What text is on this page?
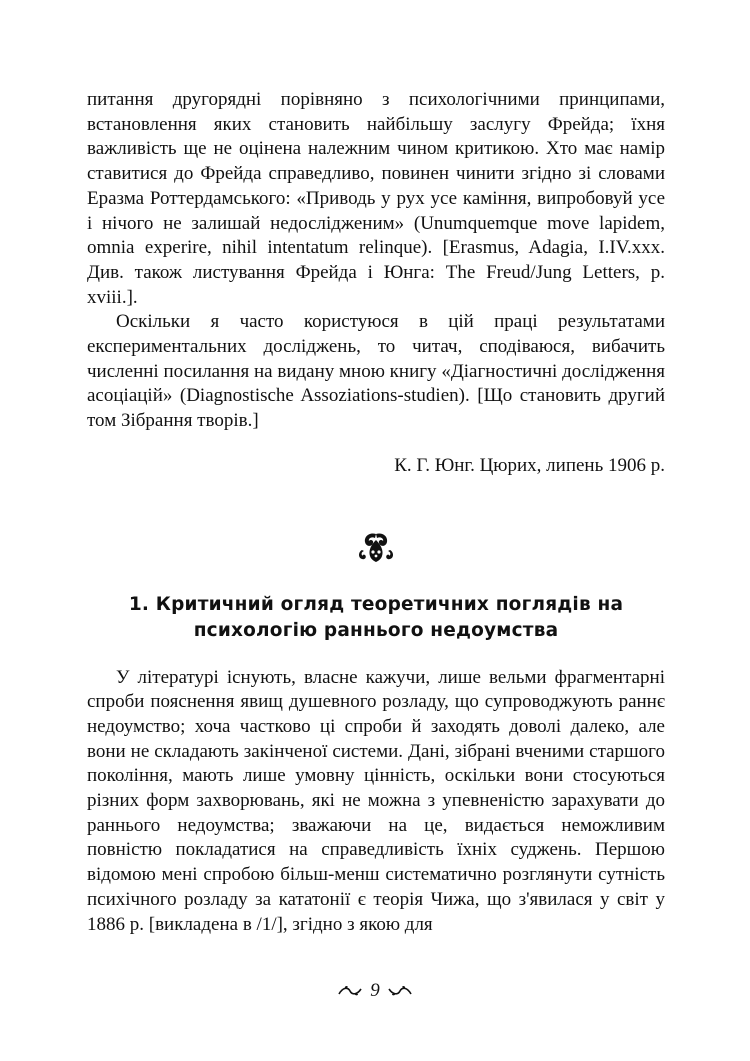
питання другорядні порівняно з психологічними принципами, встановлення яких становить найбільшу заслугу Фрейда; їхня важливість ще не оцінена належним чином критикою. Хто має намір ставитися до Фрейда справедливо, повинен чинити згідно зі словами Еразма Роттердамського: «Приводь у рух усе каміння, випробовуй усе і нічого не залишай недослідженим» (Unumquemque move lapidem, omnia experire, nihil intentatum relinque). [Erasmus, Adagia, I.IV.xxx. Див. також листування Фрейда і Юнга: The Freud/Jung Letters, p. xviii.].

Оскільки я часто користуюся в цій праці результатами експериментальних досліджень, то читач, сподіваюся, вибачить численні посилання на видану мною книгу «Діагностичні дослідження асоціацій» (Diagnostische Assoziations-studien). [Що становить другий том Зібрання творів.]

К. Г. Юнг. Цюрих, липень 1906 р.
1. Критичний огляд теоретичних поглядів на
психологію раннього недоумства

У літературі існують, власне кажучи, лише вельми фрагментарні спроби пояснення явищ душевного розладу, що супроводжують раннє недоумство; хоча частково ці спроби й заходять доволі далеко, але вони не складають закінченої системи. Дані, зібрані вченими старшого покоління, мають лише умовну цінність, оскільки вони стосуються різних форм захворювань, які не можна з упевненістю зарахувати до раннього недоумства; зважаючи на це, видається неможливим повністю покладатися на справедливість їхніх суджень. Першою відомою мені спробою більш-менш систематично розглянути сутність психічного розладу за кататонії є теорія Чижа, що з'явилася у світ у 1886 р. [викладена в /1/], згідно з якою для

9
